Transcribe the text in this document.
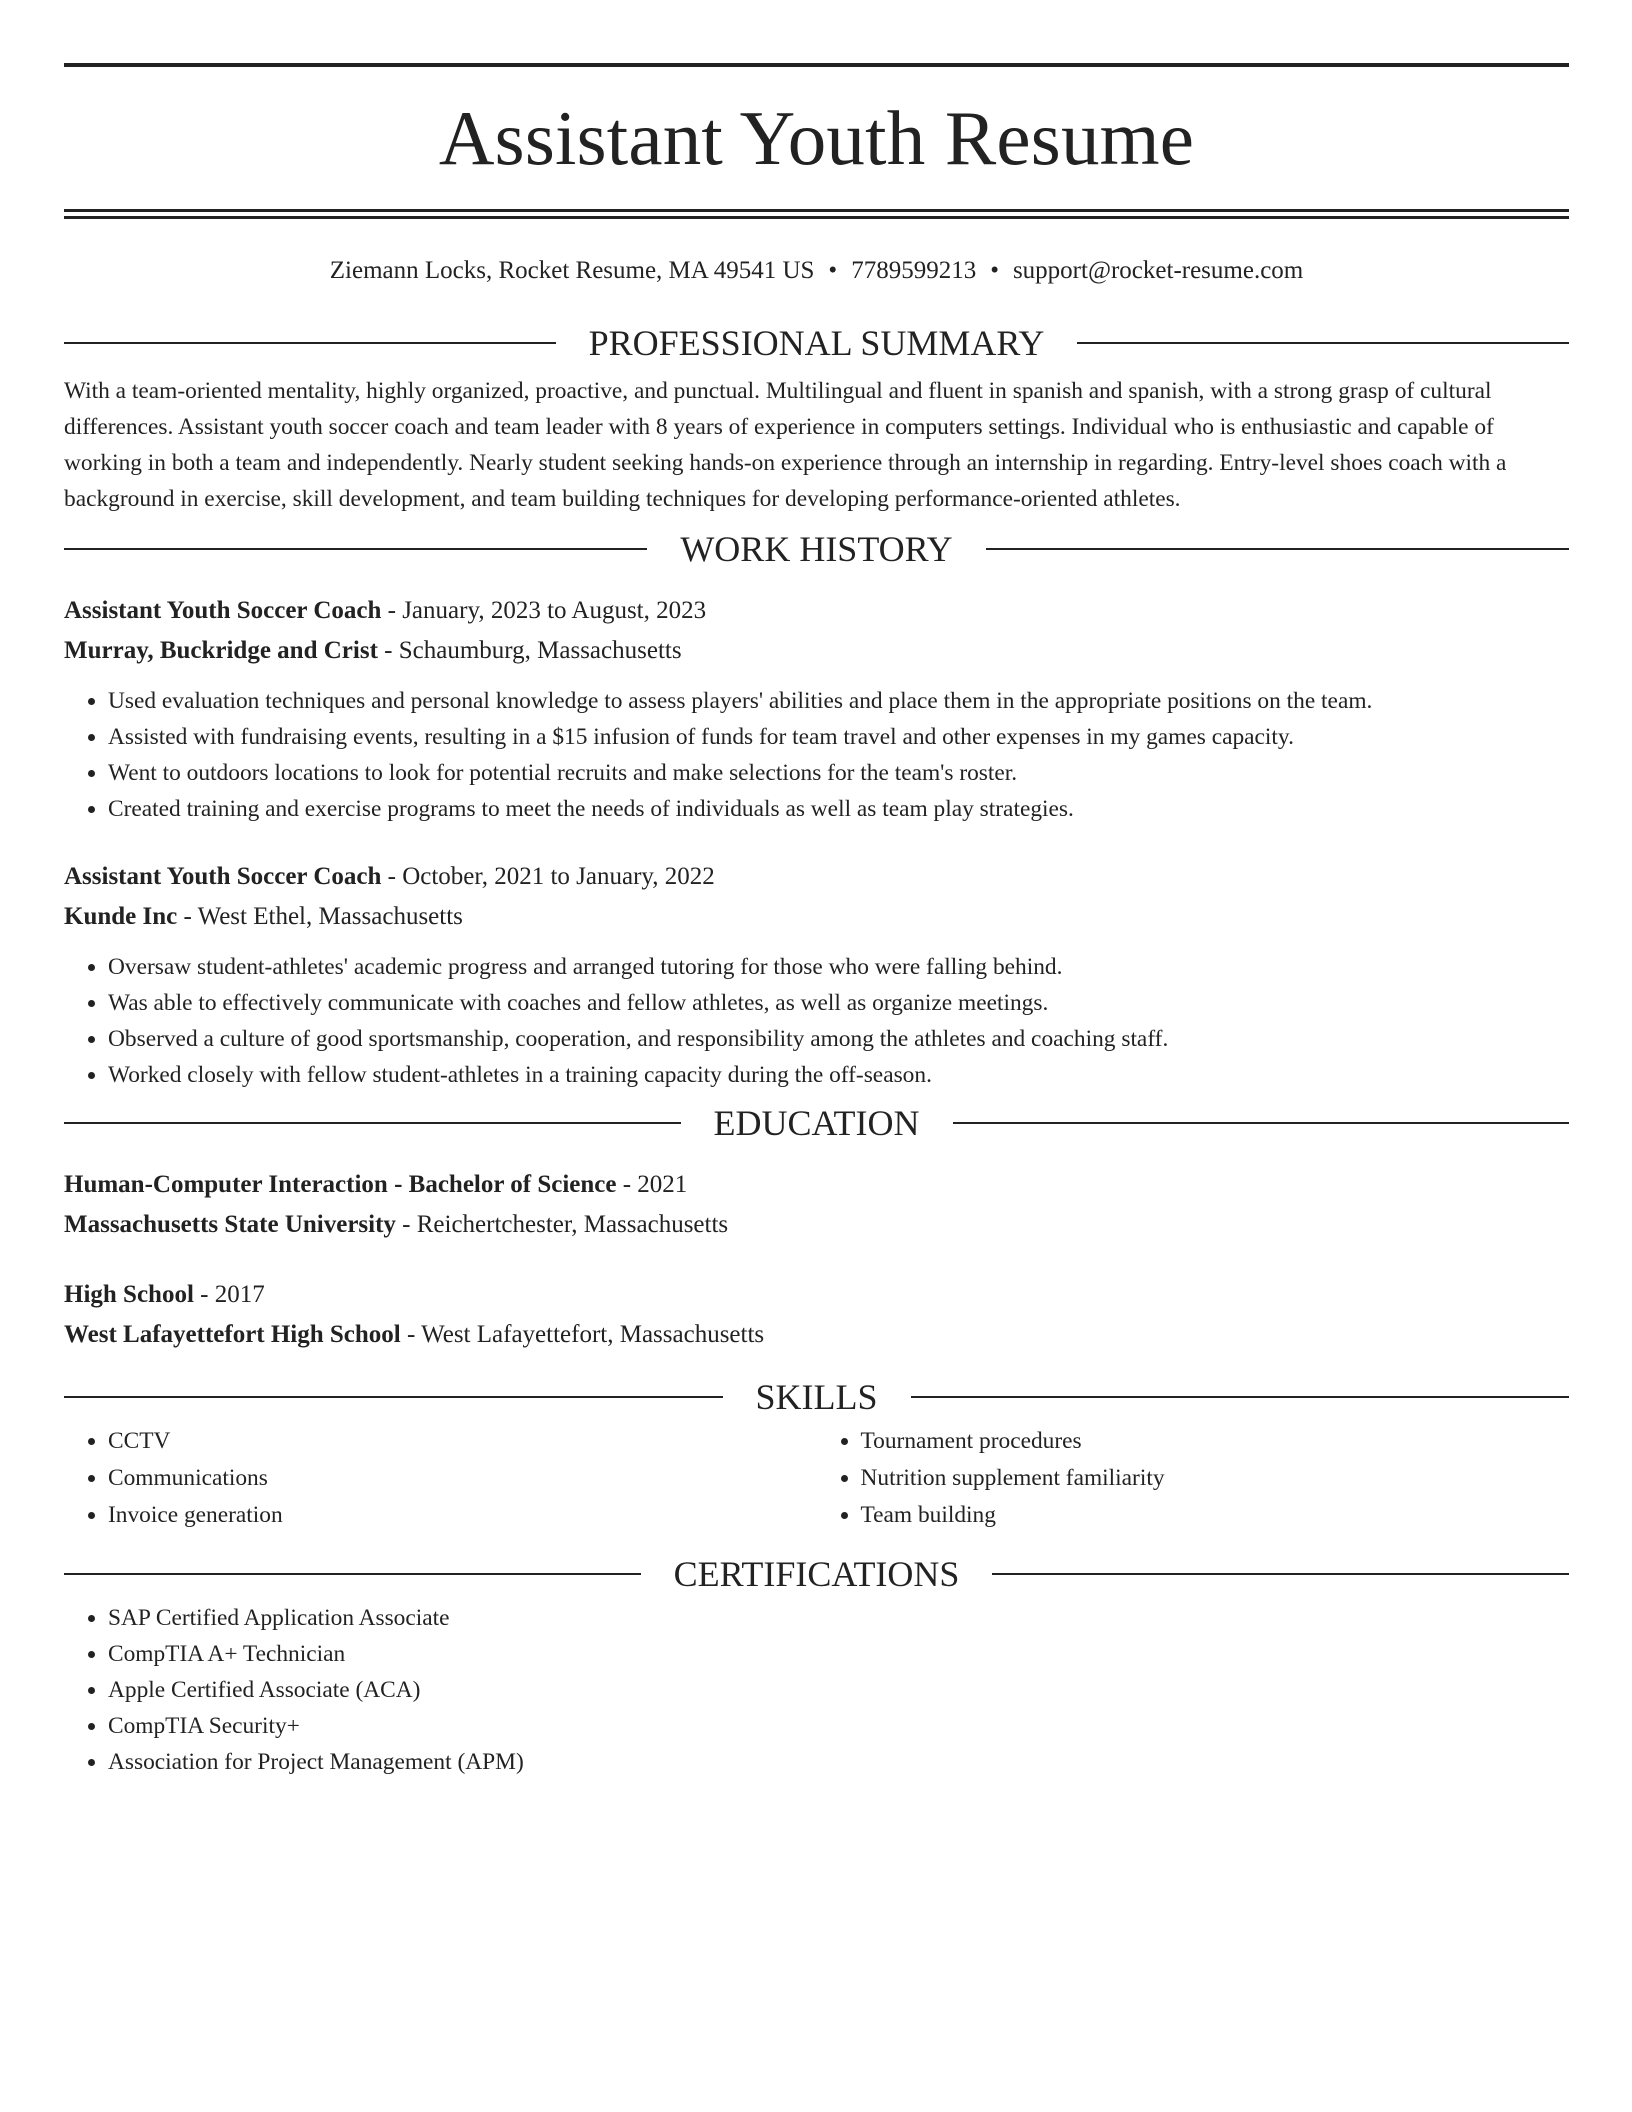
Assistant Youth Resume
Ziemann Locks, Rocket Resume, MA 49541 US • 7789599213 • support@rocket-resume.com
PROFESSIONAL SUMMARY

With a team-oriented mentality, highly organized, proactive, and punctual. Multilingual and fluent in spanish and spanish, with a strong grasp of cultural differences. Assistant youth soccer coach and team leader with 8 years of experience in computers settings. Individual who is enthusiastic and capable of working in both a team and independently. Nearly student seeking hands-on experience through an internship in regarding. Entry-level shoes coach with a background in exercise, skill development, and team building techniques for developing performance-oriented athletes.

WORK HISTORY
Assistant Youth Soccer Coach - January, 2023 to August, 2023
Murray, Buckridge and Crist - Schaumburg, Massachusetts
• Used evaluation techniques and personal knowledge to assess players' abilities and place them in the appropriate positions on the team.
• Assisted with fundraising events, resulting in a $15 infusion of funds for team travel and other expenses in my games capacity.
• Went to outdoors locations to look for potential recruits and make selections for the team's roster.
• Created training and exercise programs to meet the needs of individuals as well as team play strategies.
Assistant Youth Soccer Coach - October, 2021 to January, 2022
Kunde Inc - West Ethel, Massachusetts
• Oversaw student-athletes' academic progress and arranged tutoring for those who were falling behind.
• Was able to effectively communicate with coaches and fellow athletes, as well as organize meetings.
• Observed a culture of good sportsmanship, cooperation, and responsibility among the athletes and coaching staff.
• Worked closely with fellow student-athletes in a training capacity during the off-season.
EDUCATION
Human-Computer Interaction - Bachelor of Science - 2021
Massachusetts State University - Reichertchester, Massachusetts
High School - 2017
West Lafayettefort High School - West Lafayettefort, Massachusetts
SKILLS
• CCTV
• Communications
• Invoice generation
• Tournament procedures
• Nutrition supplement familiarity
• Team building
CERTIFICATIONS
• SAP Certified Application Associate
• CompTIA A+ Technician
• Apple Certified Associate (ACA)
• CompTIA Security+
• Association for Project Management (APM)
